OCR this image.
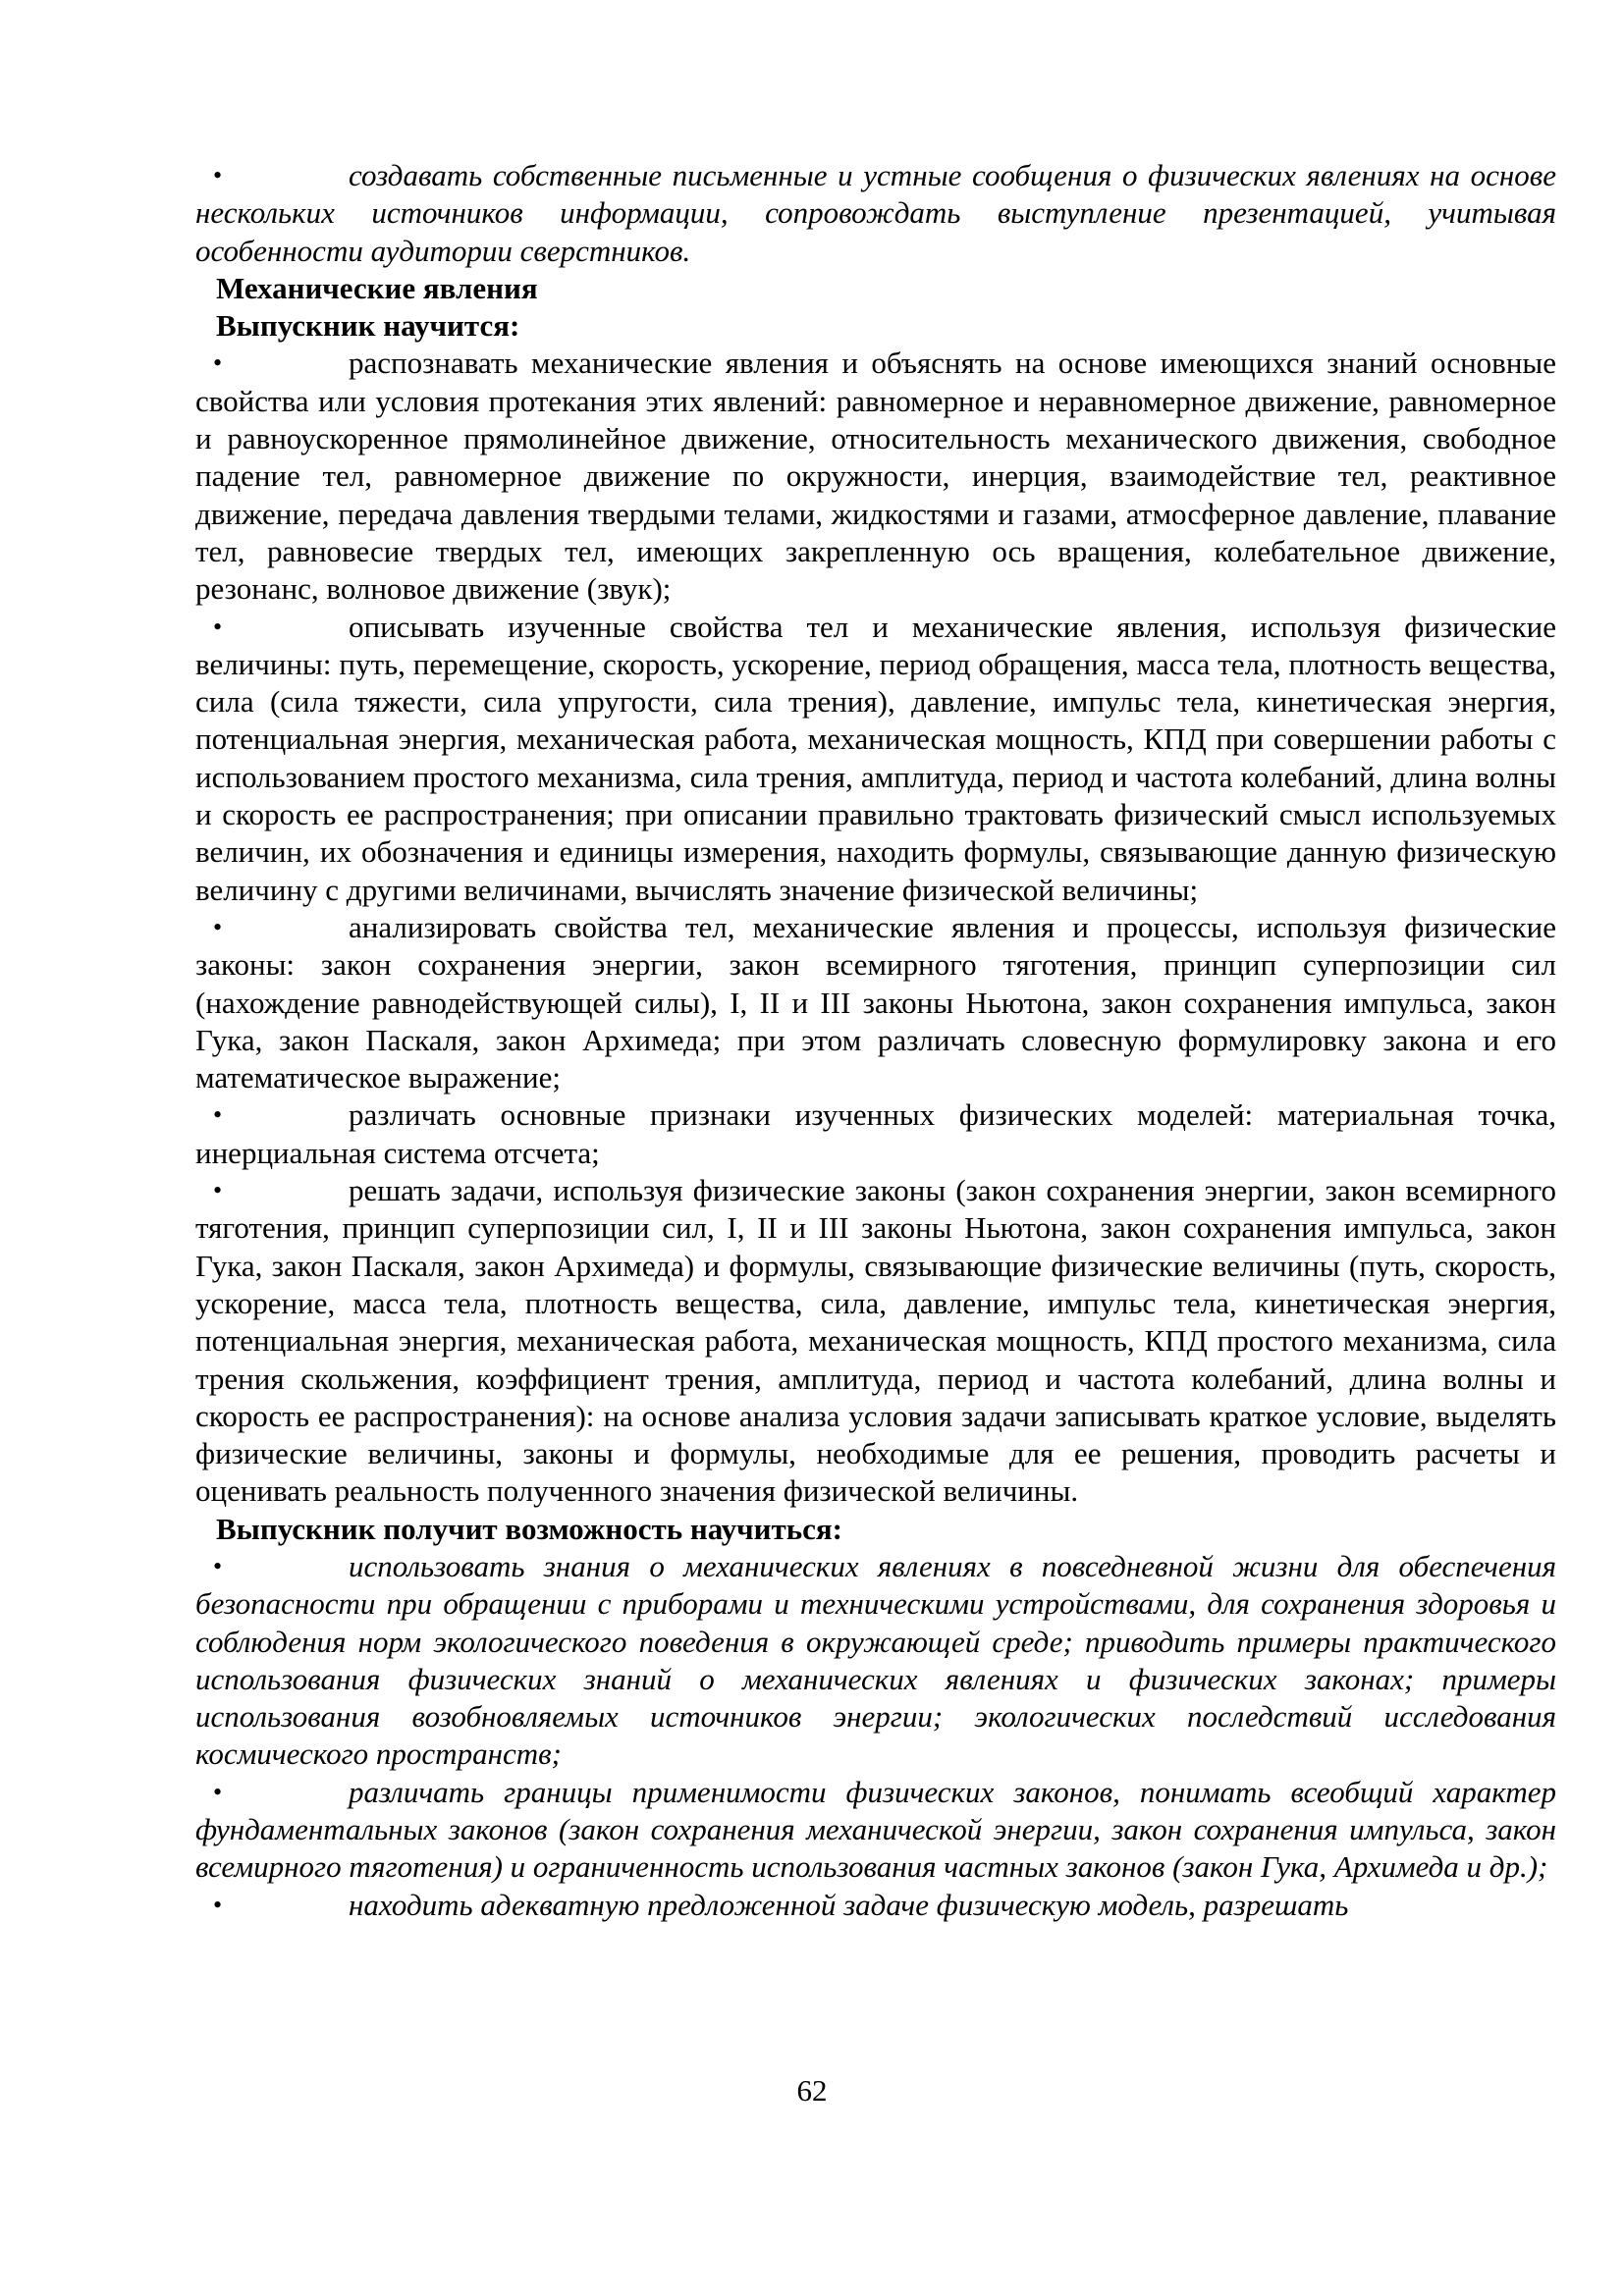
•	создавать собственные письменные и устные сообщения о физических явлениях на основе нескольких источников информации, сопровождать выступление презентацией, учитывая особенности аудитории сверстников.
Механические явления
Выпускник научится:
•	распознавать механические явления и объяснять на основе имеющихся знаний основные свойства или условия протекания этих явлений: равномерное и неравномерное движение, равномерное и равноускоренное прямолинейное движение, относительность механического движения, свободное падение тел, равномерное движение по окружности, инерция, взаимодействие тел, реактивное движение, передача давления твердыми телами, жидкостями и газами, атмосферное давление, плавание тел, равновесие твердых тел, имеющих закрепленную ось вращения, колебательное движение, резонанс, волновое движение (звук);
•	описывать изученные свойства тел и механические явления, используя физические величины: путь, перемещение, скорость, ускорение, период обращения, масса тела, плотность вещества, сила (сила тяжести, сила упругости, сила трения), давление, импульс тела, кинетическая энергия, потенциальная энергия, механическая работа, механическая мощность, КПД при совершении работы с использованием простого механизма, сила трения, амплитуда, период и частота колебаний, длина волны и скорость ее распространения; при описании правильно трактовать физический смысл используемых величин, их обозначения и единицы измерения, находить формулы, связывающие данную физическую величину с другими величинами, вычислять значение физической величины;
•	анализировать свойства тел, механические явления и процессы, используя физические законы: закон сохранения энергии, закон всемирного тяготения, принцип суперпозиции сил (нахождение равнодействующей силы), I, II и III законы Ньютона, закон сохранения импульса, закон Гука, закон Паскаля, закон Архимеда; при этом различать словесную формулировку закона и его математическое выражение;
•	различать основные признаки изученных физических моделей: материальная точка, инерциальная система отсчета;
•	решать задачи, используя физические законы (закон сохранения энергии, закон всемирного тяготения, принцип суперпозиции сил, I, II и III законы Ньютона, закон сохранения импульса, закон Гука, закон Паскаля, закон Архимеда) и формулы, связывающие физические величины (путь, скорость, ускорение, масса тела, плотность вещества, сила, давление, импульс тела, кинетическая энергия, потенциальная энергия, механическая работа, механическая мощность, КПД простого механизма, сила трения скольжения, коэффициент трения, амплитуда, период и частота колебаний, длина волны и скорость ее распространения): на основе анализа условия задачи записывать краткое условие, выделять физические величины, законы и формулы, необходимые для ее решения, проводить расчеты и оценивать реальность полученного значения физической величины.
Выпускник получит возможность научиться:
•	использовать знания о механических явлениях в повседневной жизни для обеспечения безопасности при обращении с приборами и техническими устройствами, для сохранения здоровья и соблюдения норм экологического поведения в окружающей среде; приводить примеры практического использования физических знаний о механических явлениях и физических законах; примеры использования возобновляемых источников энергии; экологических последствий исследования космического пространств;
•	различать границы применимости физических законов, понимать всеобщий характер фундаментальных законов (закон сохранения механической энергии, закон сохранения импульса, закон всемирного тяготения) и ограниченность использования частных законов (закон Гука, Архимеда и др.);
•	находить адекватную предложенной задаче физическую модель, разрешать
62
